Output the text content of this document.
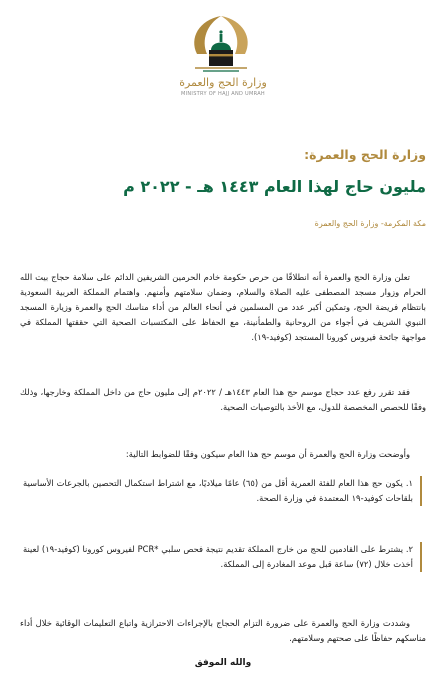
وزارة الحج والعمرة
MINISTRY OF HAJJ AND UMRAH
وزارة الحج والعمرة:
مليون حاج لهذا العام ١٤٤٣ هـ - ٢٠٢٢ م
مكة المكرمة- وزارة الحج والعمرة

تعلن وزارة الحج والعمرة أنه انطلاقًا من حرص حكومة خادم الحرمين الشريفين الدائم على سلامة حجاج بيت الله الحرام وزوار مسجد المصطفى عليه الصلاة والسلام، وضمان سلامتهم وأمنهم. واهتمام المملكة العربية السعودية بانتظام فريضة الحج، وتمكين أكبر عدد من المسلمين في أنحاء العالم من أداء مناسك الحج والعمرة وزيارة المسجد النبوي الشريف في أجواء من الروحانية والطمأنينة، مع الحفاظ على المكتسبات الصحية التي حققتها المملكة في مواجهة جائحة فيروس كورونا المستجد (كوفيد-١٩).

فقد تقرر رفع عدد حجاج موسم حج هذا العام ١٤٤٣هـ / ٢٠٢٢م إلى مليون حاج من داخل المملكة وخارجها، وذلك وفقًا للحصص المخصصة للدول، مع الأخذ بالتوصيات الصحية.

وأوضحت وزارة الحج والعمرة أن موسم حج هذا العام سيكون وفقًا للضوابط التالية:

١. يكون حج هذا العام للفئة العمرية أقل من (٦٥) عامًا ميلاديًا، مع اشتراط استكمال التحصين بالجرعات الأساسية بلقاحات كوفيد-١٩ المعتمدة في وزارة الصحة.

٢. يشترط على القادمين للحج من خارج المملكة تقديم نتيجة فحص سلبي *PCR لفيروس كورونا (كوفيد-١٩) لعينة أخذت خلال (٧٢) ساعة قبل موعد المغادرة إلى المملكة.

وشددت وزارة الحج والعمرة على ضرورة التزام الحجاج بالإجراءات الاحترازية واتباع التعليمات الوقائية خلال أداء مناسكهم حفاظًا على صحتهم وسلامتهم.

والله الموفق
